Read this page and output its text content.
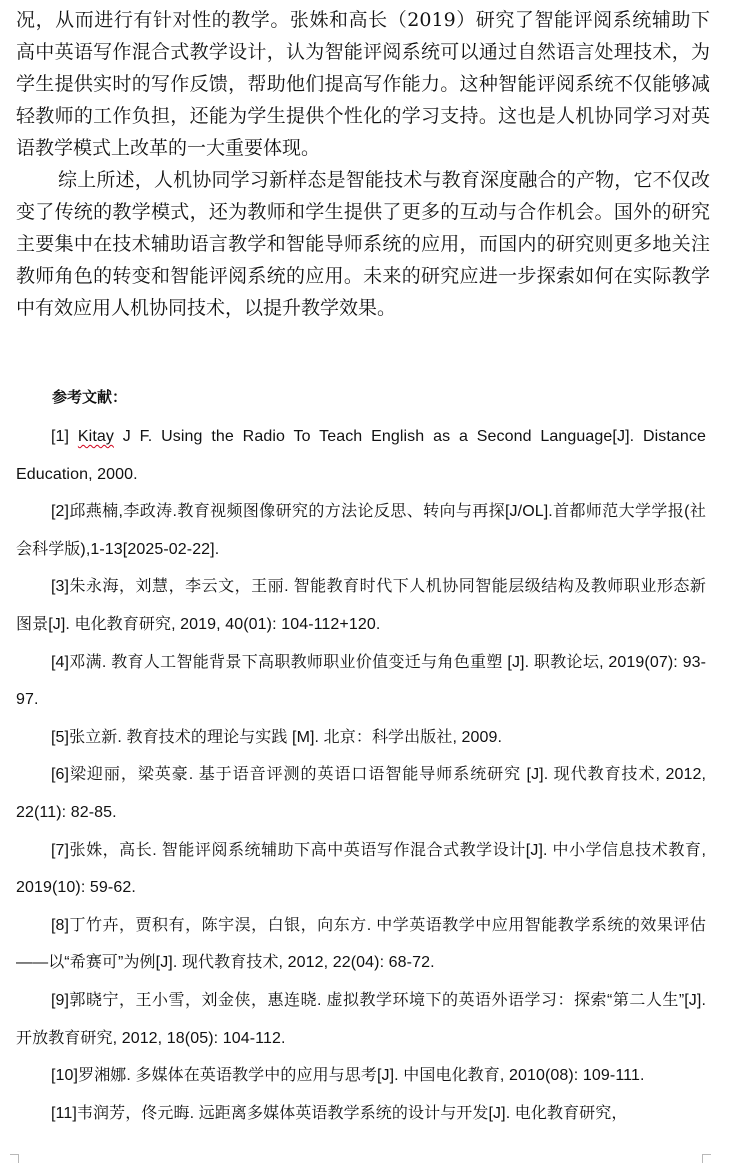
况，从而进行有针对性的教学。张姝和高长（2019）研究了智能评阅系统辅助下高中英语写作混合式教学设计，认为智能评阅系统可以通过自然语言处理技术，为学生提供实时的写作反馈，帮助他们提高写作能力。这种智能评阅系统不仅能够减轻教师的工作负担，还能为学生提供个性化的学习支持。这也是人机协同学习对英语教学模式上改革的一大重要体现。

综上所述，人机协同学习新样态是智能技术与教育深度融合的产物，它不仅改变了传统的教学模式，还为教师和学生提供了更多的互动与合作机会。国外的研究主要集中在技术辅助语言教学和智能导师系统的应用，而国内的研究则更多地关注教师角色的转变和智能评阅系统的应用。未来的研究应进一步探索如何在实际教学中有效应用人机协同技术，以提升教学效果。

参考文献：

[1] Kitay J F. Using the Radio To Teach English as a Second Language[J]. Distance Education, 2000.

[2]邱燕楠,李政涛.教育视频图像研究的方法论反思、转向与再探[J/OL].首都师范大学学报(社会科学版),1-13[2025-02-22].

[3]朱永海，刘慧，李云文，王丽. 智能教育时代下人机协同智能层级结构及教师职业形态新图景[J]. 电化教育研究, 2019, 40(01): 104-112+120.

[4]邓满. 教育人工智能背景下高职教师职业价值变迁与角色重塑 [J]. 职教论坛, 2019(07): 93-97.

[5]张立新. 教育技术的理论与实践 [M]. 北京：科学出版社, 2009.

[6]梁迎丽，梁英豪. 基于语音评测的英语口语智能导师系统研究 [J]. 现代教育技术, 2012, 22(11): 82-85.

[7]张姝，高长. 智能评阅系统辅助下高中英语写作混合式教学设计[J]. 中小学信息技术教育, 2019(10): 59-62.

[8]丁竹卉，贾积有，陈宇淏，白银，向东方. 中学英语教学中应用智能教学系统的效果评估——以“希赛可”为例[J]. 现代教育技术, 2012, 22(04): 68-72.

[9]郭晓宁，王小雪，刘金侠，惠连晓. 虚拟教学环境下的英语外语学习：探索“第二人生”[J]. 开放教育研究, 2012, 18(05): 104-112.

[10]罗湘娜. 多媒体在英语教学中的应用与思考[J]. 中国电化教育, 2010(08): 109-111.

[11]韦润芳，佟元晦. 远距离多媒体英语教学系统的设计与开发[J]. 电化教育研究，
